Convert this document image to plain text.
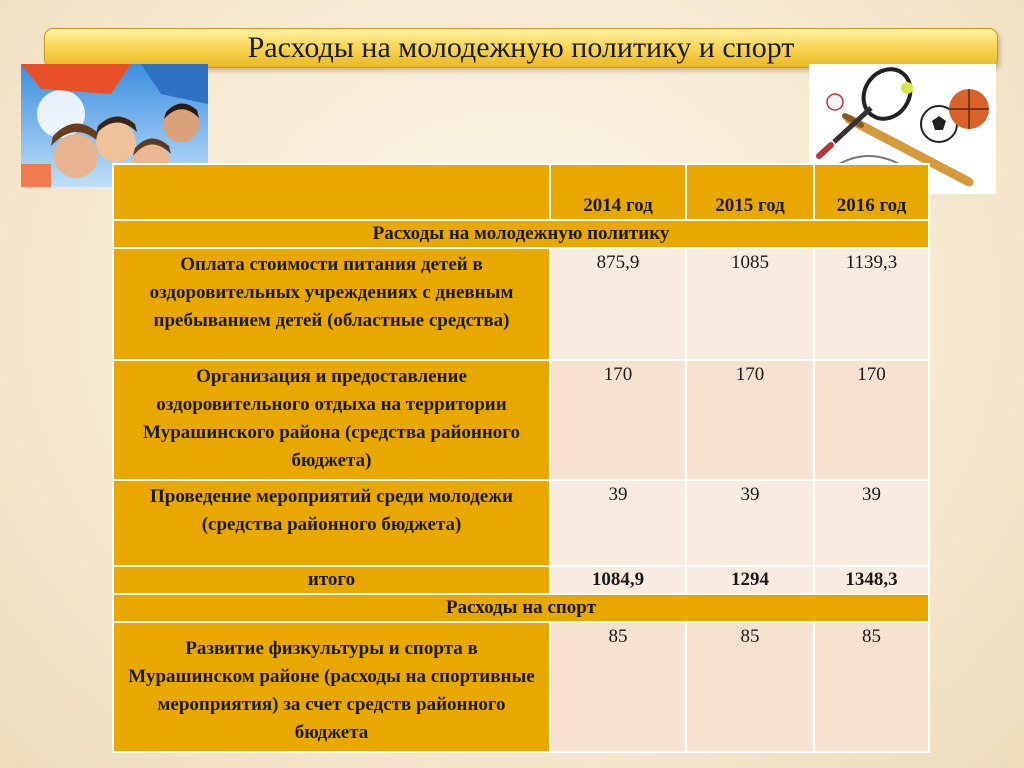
Расходы на молодежную политику и спорт

	2014 год	2015 год	2016 год

Расходы на молодежную политику			
Оплата стоимости питания детей в оздоровительных учреждениях с дневным пребыванием детей (областные средства)	875,9	1085	1139,3
Организация и предоставление оздоровительного отдыха на территории Мурашинского района (средства районного бюджета)	170	170	170
Проведение мероприятий среди молодежи (средства районного бюджета)	39	39	39
итого	1084,9	1294	1348,3
Расходы на спорт			
Развитие физкультуры и спорта в Мурашинском районе (расходы на спортивные мероприятия) за счет средств районного бюджета	85	85	85
